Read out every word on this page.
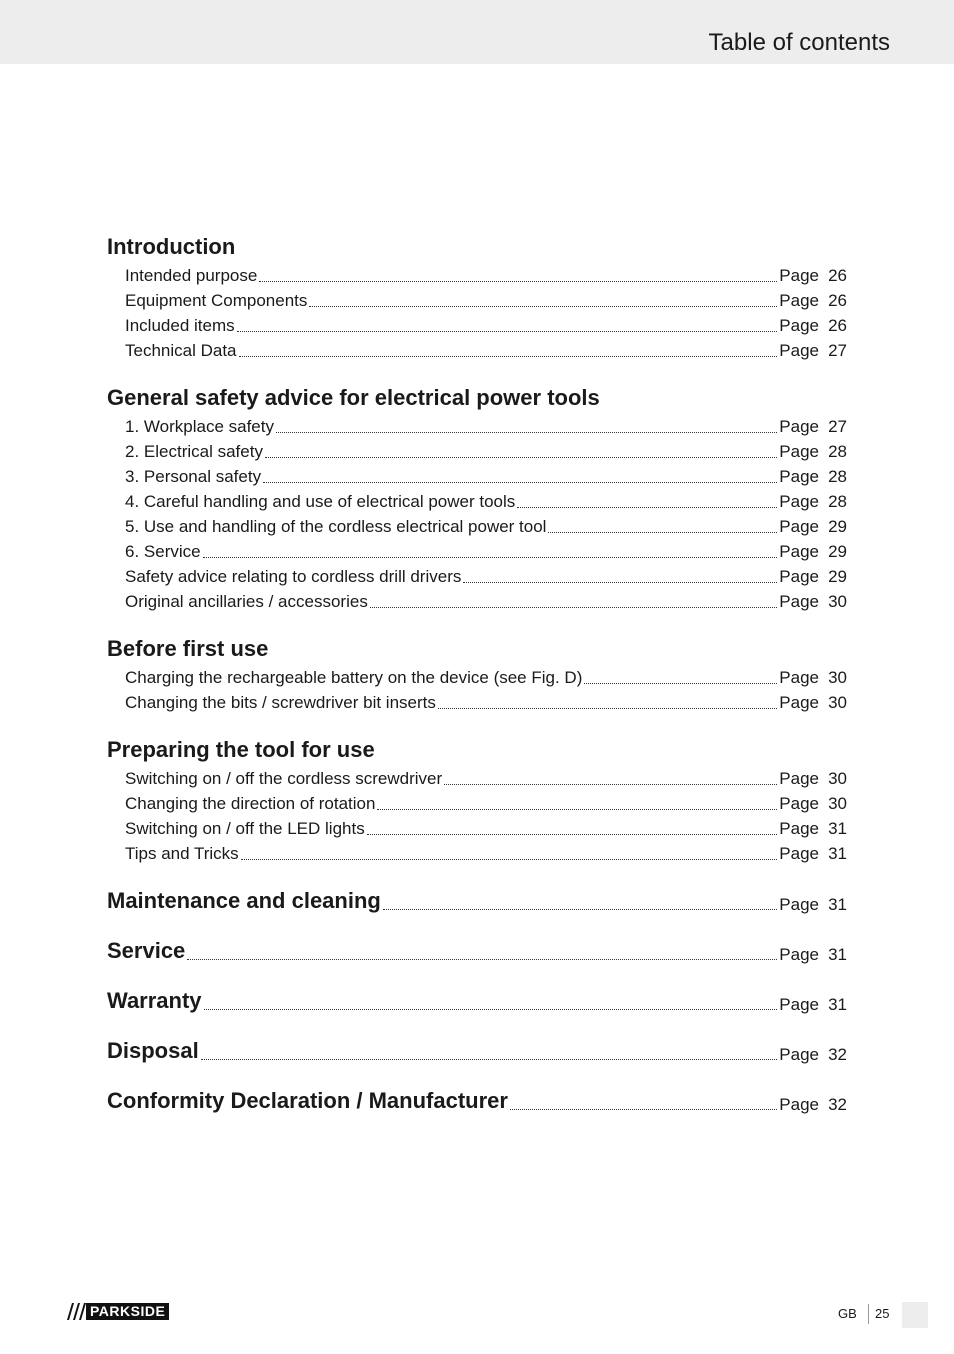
Table of contents
Introduction
Intended purpose	Page 26
Equipment Components	Page 26
Included items	Page 26
Technical Data	Page 27
General safety advice for electrical power tools
1. Workplace safety	Page 27
2. Electrical safety	Page 28
3. Personal safety	Page 28
4. Careful handling and use of electrical power tools	Page 28
5. Use and handling of the cordless electrical power tool	Page 29
6. Service	Page 29
Safety advice relating to cordless drill drivers	Page 29
Original ancillaries / accessories	Page 30
Before first use
Charging the rechargeable battery on the device (see Fig. D)	Page 30
Changing the bits / screwdriver bit inserts	Page 30
Preparing the tool for use
Switching on / off the cordless screwdriver	Page 30
Changing the direction of rotation	Page 30
Switching on / off the LED lights	Page 31
Tips and Tricks	Page 31
Maintenance and cleaning	Page 31
Service	Page 31
Warranty	Page 31
Disposal	Page 32
Conformity Declaration / Manufacturer	Page 32
PARKSIDE	GB 25
